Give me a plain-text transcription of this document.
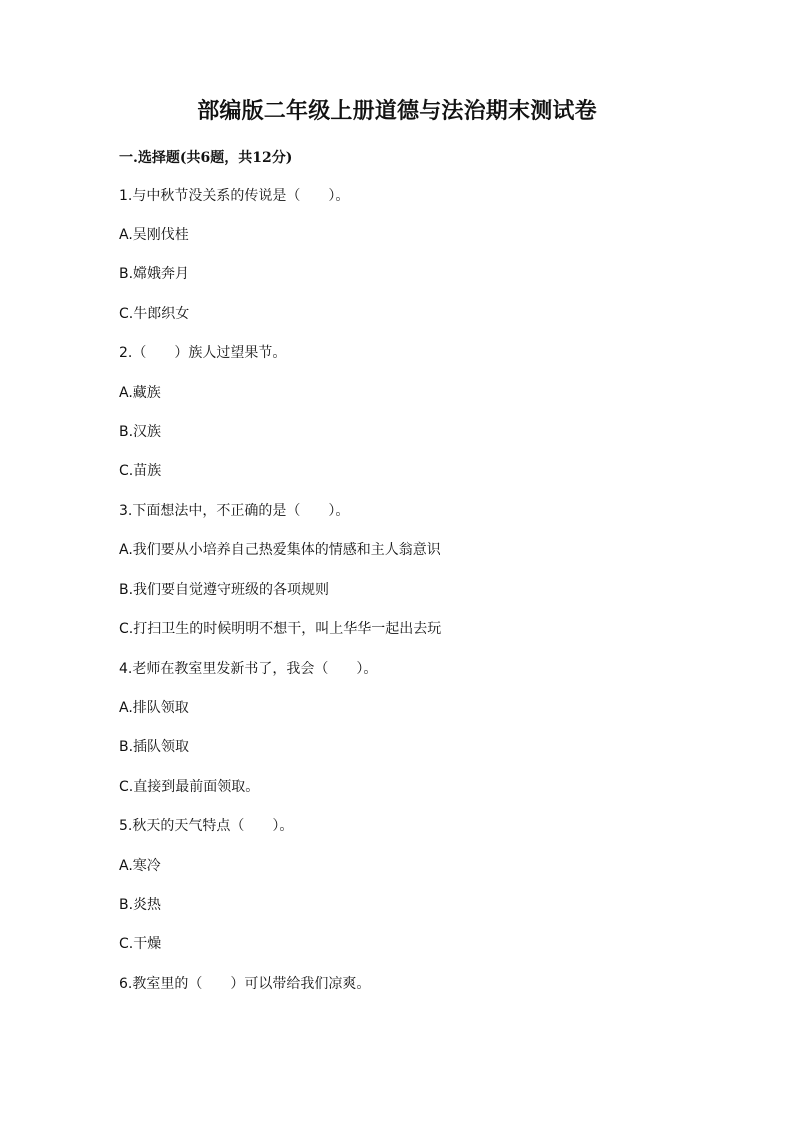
部编版二年级上册道德与法治期末测试卷
一.选择题(共6题，共12分)
1.与中秋节没关系的传说是（　　）。
A.吴刚伐桂
B.嫦娥奔月
C.牛郎织女
2.（　　）族人过望果节。
A.藏族
B.汉族
C.苗族
3.下面想法中，不正确的是（　　）。
A.我们要从小培养自己热爱集体的情感和主人翁意识
B.我们要自觉遵守班级的各项规则
C.打扫卫生的时候明明不想干，叫上华华一起出去玩
4.老师在教室里发新书了，我会（　　）。
A.排队领取
B.插队领取
C.直接到最前面领取。
5.秋天的天气特点（　　）。
A.寒冷
B.炎热
C.干燥
6.教室里的（　　）可以带给我们凉爽。
